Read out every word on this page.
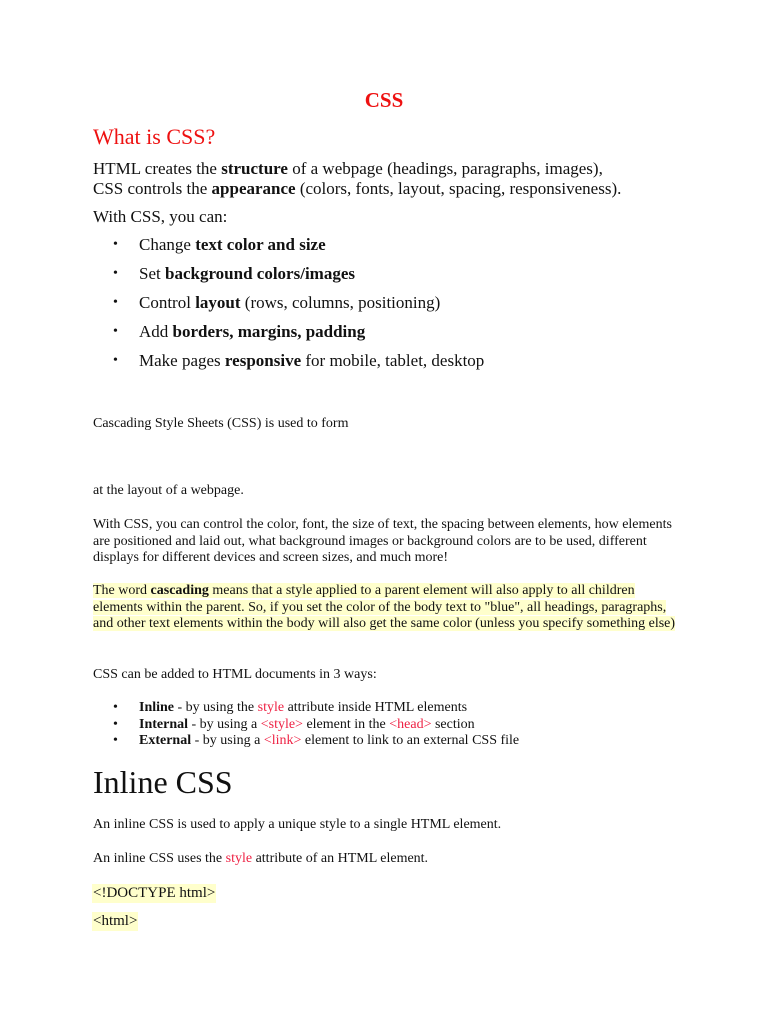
CSS
What is CSS?

HTML creates the structure of a webpage (headings, paragraphs, images),
CSS controls the appearance (colors, fonts, layout, spacing, responsiveness).

With CSS, you can:

• Change text color and size
• Set background colors/images
• Control layout (rows, columns, positioning)
• Add borders, margins, padding
• Make pages responsive for mobile, tablet, desktop

Cascading Style Sheets (CSS) is used to form

at the layout of a webpage.

With CSS, you can control the color, font, the size of text, the spacing between elements, how elements are positioned and laid out, what background images or background colors are to be used, different displays for different devices and screen sizes, and much more!

The word cascading means that a style applied to a parent element will also apply to all children elements within the parent. So, if you set the color of the body text to "blue", all headings, paragraphs, and other text elements within the body will also get the same color (unless you specify something else)

CSS can be added to HTML documents in 3 ways:

• Inline - by using the style attribute inside HTML elements
• Internal - by using a <style> element in the <head> section
• External - by using a <link> element to link to an external CSS file
Inline CSS

An inline CSS is used to apply a unique style to a single HTML element.

An inline CSS uses the style attribute of an HTML element.

<!DOCTYPE html>
<html>
